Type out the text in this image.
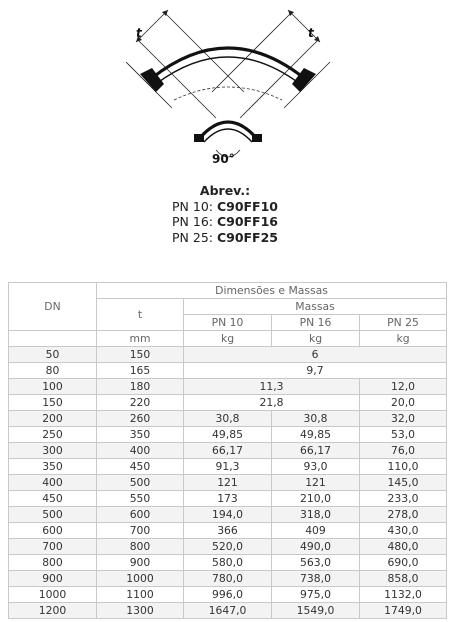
t	t
90°
Abrev.:
PN 10: C90FF10
PN 16: C90FF16
PN 25: C90FF25
DN	Dimensões e Massas			
	t	Massas		
		PN 10	PN 16	PN 25
	mm	kg	kg	kg
50	150	6		
80	165	9,7		
100	180	11,3		12,0
150	220	21,8		20,0
200	260	30,8	30,8	32,0
250	350	49,85	49,85	53,0
300	400	66,17	66,17	76,0
350	450	91,3	93,0	110,0
400	500	121	121	145,0
450	550	173	210,0	233,0
500	600	194,0	318,0	278,0
600	700	366	409	430,0
700	800	520,0	490,0	480,0
800	900	580,0	563,0	690,0
900	1000	780,0	738,0	858,0
1000	1100	996,0	975,0	1132,0
1200	1300	1647,0	1549,0	1749,0
